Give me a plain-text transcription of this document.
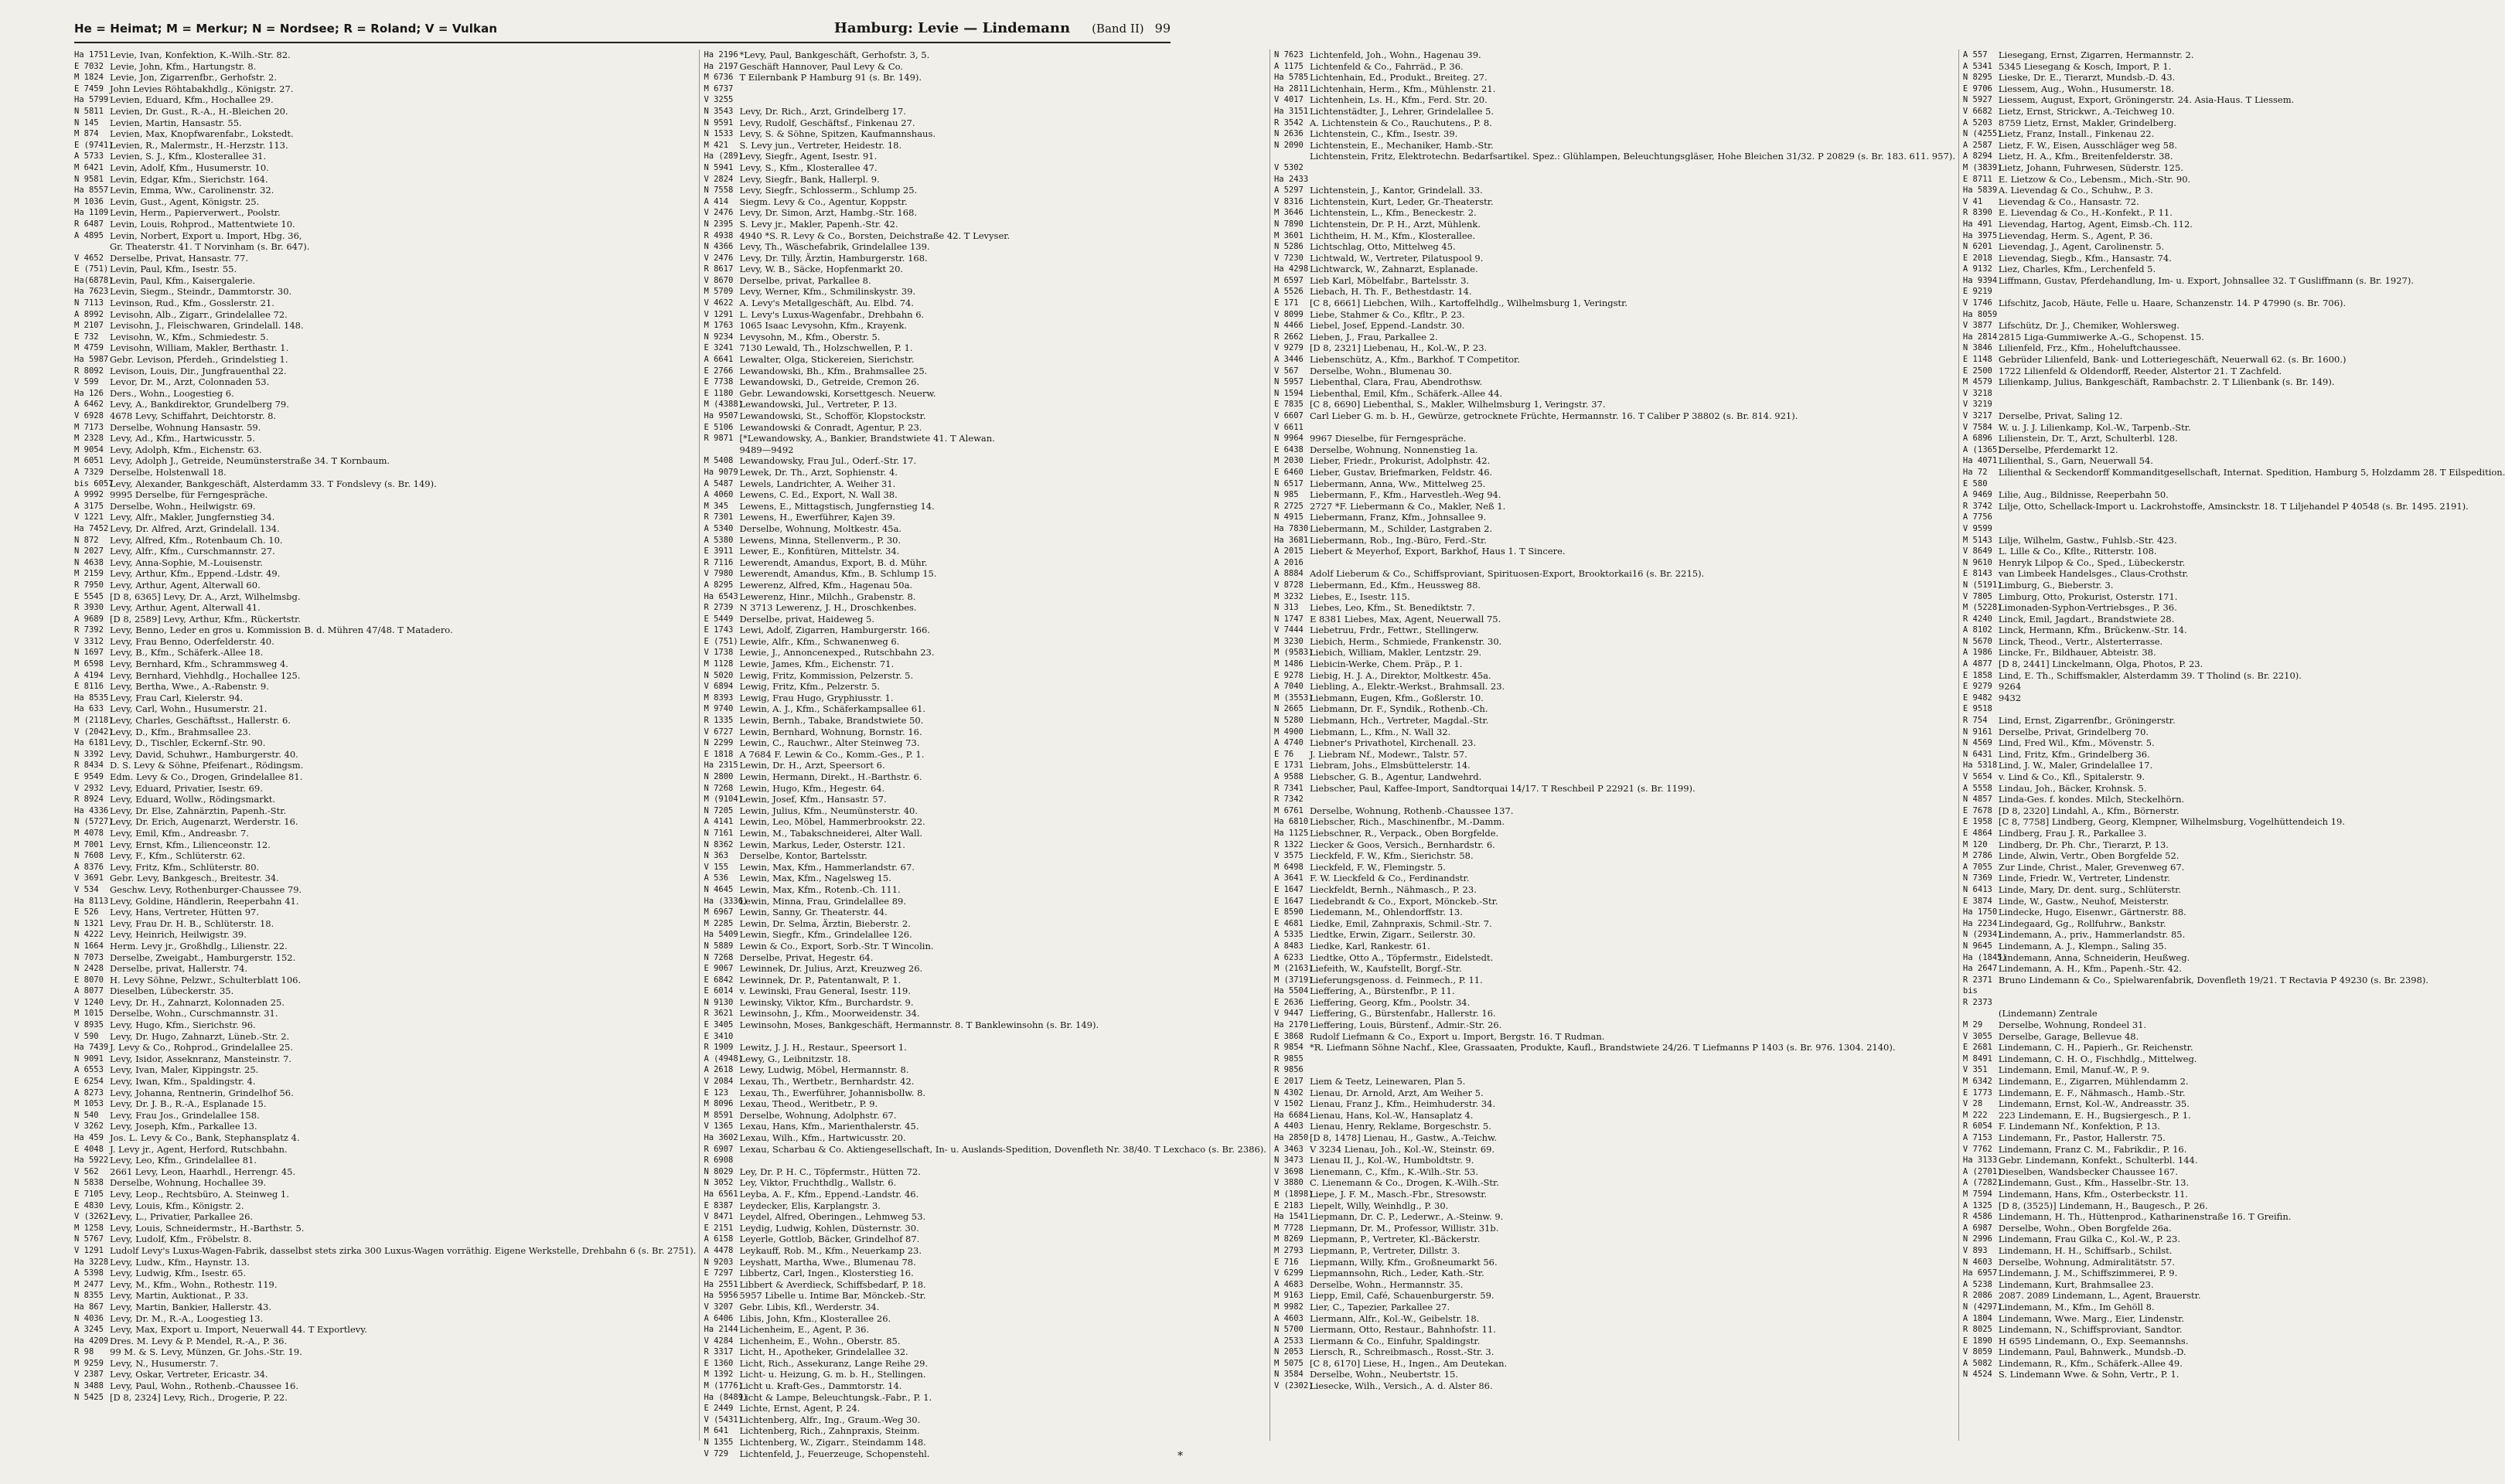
He = Heimat; M = Merkur; N = Nordsee; R = Roland; V = Vulkan	Hamburg: Levie — Lindemann (Band II) 99
Ha 1751 Levie, Ivan, Konfektion, K.-Wilh.-Str. 82.
E 7032 Levie, John, Kfm., Hartungstr. 8.
M 1824 Levie, Jon, Zigarrenfbr., Gerhofstr. 2.
E 7459 John Levies Röhtabakhdlg., Königstr. 27.
Ha 5799 Levien, Eduard, Kfm., Hochallee 29.
N 5811 Levien, Dr. Gust., R.-A., H.-Bleichen 20.
N 145	Levien, Martin, Hansastr. 55.
M 874	Levien, Max, Knopfwarenfabr., Lokstedt.
E (9741)
Levien, R., Malermstr., H.-Herzstr. 113.
A 5733 Levien, S. J., Kfm., Klosterallee 31.
M 6421 Levin, Adolf, Kfm., Husumerstr. 10.
N 9581 Levin, Edgar, Kfm., Sierichstr. 164.
Ha 8557 Levin, Emma, Ww., Carolinenstr. 32.
M 1036 Levin, Gust., Agent, Königstr. 25.
Ha 1109 Levin, Herm., Papierverwert., Poolstr.
R 6487 Levin, Louis, Rohprod., Mattentwiete 10.
A 4895 Levin, Norbert, Export u. Import, Hbg. 36,
Gr. Theaterstr. 41. T Norvinham (s. Br. 647).
V 4652 Derselbe, Privat, Hansastr. 77.
E (751) Levin, Paul, Kfm., Isestr. 55.
Ha(6878)
Levin, Paul, Kfm., Kaisergalerie.
Ha 7623 Levin, Siegm., Steindr., Dammtorstr. 30.
N 7113 Levinson, Rud., Kfm., Gosslerstr. 21.
A 8992 Levisohn, Alb., Zigarr., Grindelallee 72.
M 2107 Levisohn, J., Fleischwaren, Grindelall. 148.
E 732	Levisohn, W., Kfm., Schmiedestr. 5.
M 4759 Levisohn, William, Makler, Berthastr. 1.
Ha 5987 Gebr. Levison, Pferdeh., Grindelstieg 1.
R 8092 Levison, Louis, Dir., Jungfrauenthal 22.
V 599	Levor, Dr. M., Arzt, Colonnaden 53.
Ha 126 Ders., Wohn., Loogestieg 6.
A 6462 Levy, A., Bankdirektor, Grundelberg 79.
V 6928 4678 Levy, Schiffahrt, Deichtorstr. 8.
M 7173 Derselbe, Wohnung Hansastr. 59.
M 2328 Levy, Ad., Kfm., Hartwicusstr. 5.
M 9054 Levy, Adolph, Kfm., Eichenstr. 63.
M 6051 Levy, Adolph J., Getreide, Neumünsterstraße 34. T Kornbaum.
A 7329 Derselbe, Holstenwall 18.
bis 6057
Levy, Alexander, Bankgeschäft, Alsterdamm 33. T Fondslevy (s. Br. 149).
A 9992 9995 Derselbe, für Ferngespräche.
A 3175 Derselbe, Wohn., Heilwigstr. 69.
V 1221 Levy, Alfr., Makler, Jungfernstieg 34.
Ha 7452 Levy, Dr. Alfred, Arzt, Grindelall. 134.
N 872	Levy, Alfred, Kfm., Rotenbaum Ch. 10.
N 2027 Levy, Alfr., Kfm., Curschmannstr. 27.
N 4638 Levy, Anna-Sophie, M.-Louisenstr.
M 2159 Levy, Arthur, Kfm., Eppend.-Ldstr. 49.
R 7950 Levy, Arthur, Agent, Alterwall 60.
E 5545 [D 8, 6365] Levy, Dr. A., Arzt, Wilhelmsbg.
R 3930 Levy, Arthur, Agent, Alterwall 41.
A 9689 [D 8, 2589] Levy, Arthur, Kfm., Rückertstr.
R 7392 Levy, Benno, Leder en gros u. Kommission B. d. Mühren 47/48. T Matadero.
V 3312 Levy, Frau Benno, Oderfelderstr. 40.
N 1697 Levy, B., Kfm., Schäferk.-Allee 18.
M 6598 Levy, Bernhard, Kfm., Schrammsweg 4.
A 4194 Levy, Bernhard, Viehhdlg., Hochallee 125.
E 8116 Levy, Bertha, Wwe., A.-Rabenstr. 9.
Ha 8535 Levy, Frau Carl, Kielerstr. 94.
Ha 633 Levy, Carl, Wohn., Husumerstr. 21.
M (2118)
Levy, Charles, Geschäftsst., Hallerstr. 6.
V (2042)
Levy, D., Kfm., Brahmsallee 23.
Ha 6181 Levy, D., Tischler, Eckernf.-Str. 90.
N 3392 Levy, David, Schuhwr., Hamburgerstr. 40.
R 8434 D. S. Levy & Söhne, Pfeifenart., Rödingsm.
E 9549 Edm. Levy & Co., Drogen, Grindelallee 81.
V 2932 Levy, Eduard, Privatier, Isestr. 69.
R 8924 Levy, Eduard, Wollw., Rödingsmarkt.
Ha 4336 Levy, Dr. Else, Zahnärztin, Papenh.-Str.
N (5727)
Levy, Dr. Erich, Augenarzt, Werderstr. 16.
M 4078 Levy, Emil, Kfm., Andreasbr. 7.
M 7001 Levy, Ernst, Kfm., Lilienceonstr. 12.
N 7608 Levy, F., Kfm., Schlüterstr. 62.
A 8376 Levy, Fritz, Kfm., Schlüterstr. 80.
V 3691 Gebr. Levy, Bankgesch., Breitestr. 34.
V 534	Geschw. Levy, Rothenburger-Chaussee 79.
Ha 8113 Levy, Goldine, Händlerin, Reeperbahn 41.
E 526	Levy, Hans, Vertreter, Hütten 97.
N 1321 Levy, Frau Dr. H. B., Schlüterstr. 18.
N 4222 Levy, Heinrich, Heilwigstr. 39.
N 1664 Herm. Levy jr., Großhdlg., Lilienstr. 22.
N 7073 Derselbe, Zweigabt., Hamburgerstr. 152.
N 2428 Derselbe, privat, Hallerstr. 74.
E 8070 H. Levy Söhne, Pelzwr., Schulterblatt 106.
A 8077 Dieselben, Lübeckerstr. 35.
V 1240 Levy, Dr. H., Zahnarzt, Kolonnaden 25.
M 1015 Derselbe, Wohn., Curschmannstr. 31.
V 8935 Levy, Hugo, Kfm., Sierichstr. 96.
V 590	Levy, Dr. Hugo, Zahnarzt, Lüneb.-Str. 2.
Ha 7439 J. Levy & Co., Rohprod., Grindelallee 25.
N 9091 Levy, Isidor, Asseknranz, Mansteinstr. 7.
A 6553 Levy, Ivan, Maler, Kippingstr. 25.
E 6254 Levy, Iwan, Kfm., Spaldingstr. 4.
A 8273 Levy, Johanna, Rentnerin, Grindelhof 56.
M 1053 Levy, Dr. J. B., R.-A., Esplanade 15.
N 540	Levy, Frau Jos., Grindelallee 158.
V 3262 Levy, Joseph, Kfm., Parkallee 13.
Ha 459 Jos. L. Levy & Co., Bank, Stephansplatz 4.
E 4048 J. Levy jr., Agent, Herford, Rutschbahn.
Ha 5922 Levy, Leo, Kfm., Grindelallee 81.
V 562	2661 Levy, Leon, Haarhdl., Herrengr. 45.
N 5838 Derselbe, Wohnung, Hochallee 39.
E 7105 Levy, Leop., Rechtsbüro, A. Steinweg 1.
E 4830 Levy, Louis, Kfm., Königstr. 2.
V (3262)
Levy, L., Privatier, Parkallee 26.
M 1258 Levy, Louis, Schneidermstr., H.-Barthstr. 5.
N 5767 Levy, Ludolf, Kfm., Fröbelstr. 8.
V 1291 Ludolf Levy's Luxus-Wagen-Fabrik, dasselbst stets zirka 300 Luxus-Wagen vorräthig. Eigene Werkstelle, Drehbahn 6 (s. Br. 2751).
Ha 3228 Levy, Ludw., Kfm., Haynstr. 13.
A 5398 Levy, Ludwig, Kfm., Isestr. 65.
M 2477 Levy, M., Kfm., Wohn., Rothestr. 119.
N 8355 Levy, Martin, Auktionat., P. 33.
Ha 867 Levy, Martin, Bankier, Hallerstr. 43.
N 4036 Levy, Dr. M., R.-A., Loogestieg 13.
A 3245 Levy, Max, Export u. Import, Neuerwall 44. T Exportlevy.
Ha 4209 Dres. M. Levy & P. Mendel, R.-A., P. 36.
R 98	99 M. & S. Levy, Münzen, Gr. Johs.-Str. 19.
M 9259 Levy, N., Husumerstr. 7.
V 2387 Levy, Oskar, Vertreter, Ericastr. 34.
N 3488 Levy, Paul, Wohn., Rothenb.-Chaussee 16.
N 5425 [D 8, 2324] Levy, Rich., Drogerie, P. 22.
Ha 2196 *Levy, Paul, Bankgeschäft, Gerhofstr. 3, 5.
Ha 2197 Geschäft Hannover, Paul Levy & Co.
M 6736 T Eilernbank P Hamburg 91 (s. Br. 149).
M 6737
V 3255
N 3543 Levy, Dr. Rich., Arzt, Grindelberg 17.
N 9591 Levy, Rudolf, Geschäftsf., Finkenau 27.
N 1533 Levy, S. & Söhne, Spitzen, Kaufmannshaus.
M 421	S. Levy jun., Vertreter, Heidestr. 18.
Ha (289)
Levy, Siegfr., Agent, Isestr. 91.
N 5941 Levy, S., Kfm., Klosterallee 47.
V 2824 Levy, Siegfr., Bank, Hallerpl. 9.
N 7558 Levy, Siegfr., Schlosserm., Schlump 25.
A 414	Siegm. Levy & Co., Agentur, Koppstr.
V 2476 Levy, Dr. Simon, Arzt, Hambg.-Str. 168.
N 2395 S. Levy jr., Makler, Papenh.-Str. 42.
R 4938 4940 *S. R. Levy & Co., Borsten, Deichstraße 42. T Levyser.
N 4366 Levy, Th., Wäschefabrik, Grindelallee 139.
V 2476 Levy, Dr. Tilly, Ärztin, Hamburgerstr. 168.
R 8617 Levy, W. B., Säcke, Hopfenmarkt 20.
V 8670 Derselbe, privat, Parkallee 8.
M 5709 Levy, Werner, Kfm., Schmilinskystr. 39.
V 4622 A. Levy's Metallgeschäft, Au. Elbd. 74.
V 1291 L. Levy's Luxus-Wagenfabr., Drehbahn 6.
M 1763 1065 Isaac Levysohn, Kfm., Krayenk.
N 9234 Levysohn, M., Kfm., Oberstr. 5.
E 3241 7130 Lewald, Th., Holzschwellen, P. 1.
A 6641 Lewalter, Olga, Stickereien, Sierichstr.
E 2766 Lewandowski, Bh., Kfm., Brahmsallee 25.
E 7738 Lewandowski, D., Getreide, Cremon 26.
E 1180 Gebr. Lewandowski, Korsettgesch. Neuerw.
M (4388)
Lewandowski, Jul., Vertreter, P. 13.
Ha 9507 Lewandowski, St., Schofför, Klopstockstr.
E 5106 Lewandowski & Conradt, Agentur, P. 23.
R 9871 [*Lewandowsky, A., Bankier, Brandstwiete 41. T Alewan.
9489—9492
M 5408 Lewandowsky, Frau Jul., Oderf.-Str. 17.
Ha 9079 Lewek, Dr. Th., Arzt, Sophienstr. 4.
A 5487 Lewels, Landrichter, A. Weiher 31.
A 4060 Lewens, C. Ed., Export, N. Wall 38.
M 345	Lewens, E., Mittagstisch, Jungfernstieg 14.
R 7301 Lewens, H., Ewerführer, Kajen 39.
A 5340 Derselbe, Wohnung, Moltkestr. 45a.
A 5380 Lewens, Minna, Stellenverm., P. 30.
E 3911 Lewer, E., Konfitüren, Mittelstr. 34.
R 7116 Lewerendt, Amandus, Export, B. d. Mühr.
V 7980 Lewerendt, Amandus, Kfm., B. Schlump 15.
A 8295 Lewerenz, Alfred, Kfm., Hagenau 50a.
Ha 6543 Lewerenz, Hinr., Milchh., Grabenstr. 8.
R 2739 N 3713 Lewerenz, J. H., Droschkenbes.
E 5449 Derselbe, privat, Haideweg 5.
E 1743 Lewi, Adolf, Zigarren, Hamburgerstr. 166.
E (751) Lewie, Alfr., Kfm., Schwanenweg 6.
V 1738 Lewie, J., Annoncenexped., Rutschbahn 23.
M 1128 Lewie, James, Kfm., Eichenstr. 71.
N 5020 Lewig, Fritz, Kommission, Pelzerstr. 5.
V 6894 Lewig, Fritz, Kfm., Pelzerstr. 5.
M 8393 Lewig, Frau Hugo, Gryphiusstr. 1.
M 9740 Lewin, A. J., Kfm., Schäferkampsallee 61.
R 1335 Lewin, Bernh., Tabake, Brandstwiete 50.
V 6727 Lewin, Bernhard, Wohnung, Bornstr. 16.
N 2299 Lewin, C., Rauchwr., Alter Steinweg 73.
E 1818 A 7684 F. Lewin & Co., Komm.-Ges., P. 1.
Ha 2315 Lewin, Dr. H., Arzt, Speersort 6.
N 2800 Lewin, Hermann, Direkt., H.-Barthstr. 6.
N 7268 Lewin, Hugo, Kfm., Hegestr. 64.
M (9104)
Lewin, Josef, Kfm., Hansastr. 57.
N 7205 Lewin, Julius, Kfm., Neumünsterstr. 40.
A 4141 Lewin, Leo, Möbel, Hammerbrookstr. 22.
N 7161 Lewin, M., Tabakschneiderei, Alter Wall.
N 8362 Lewin, Markus, Leder, Osterstr. 121.
N 363	Derselbe, Kontor, Bartelsstr.
V 155	Lewin, Max, Kfm., Hammerlandstr. 67.
A 536	Lewin, Max, Kfm., Nagelsweg 15.
N 4645 Lewin, Max, Kfm., Rotenb.-Ch. 111.
Ha (3336)
Lewin, Minna, Frau, Grindelallee 89.
M 6967 Lewin, Sanny, Gr. Theaterstr. 44.
M 2285 Lewin, Dr. Selma, Ärztin, Bieberstr. 2.
Ha 5409 Lewin, Siegfr., Kfm., Grindelallee 126.
N 5889 Lewin & Co., Export, Sorb.-Str. T Wincolin.
N 7268 Derselbe, Privat, Hegestr. 64.
E 9067 Lewinnek, Dr. Julius, Arzt, Kreuzweg 26.
E 6842 Lewinnek, Dr. P., Patentanwalt, P. 1.
E 6014 v. Lewinski, Frau General, Isestr. 119.
N 9130 Lewinsky, Viktor, Kfm., Burchardstr. 9.
R 3621 Lewinsohn, J., Kfm., Moorweidenstr. 34.
E 3405 Lewinsohn, Moses, Bankgeschäft, Hermannstr. 8. T Banklewinsohn (s. Br. 149).
E 3410
R 1909 Lewitz, J. J. H., Restaur., Speersort 1.
A (4948)
Lewy, G., Leibnitzstr. 18.
A 2618 Lewy, Ludwig, Möbel, Hermannstr. 8.
V 2084 Lexau, Th., Wertbetr., Bernhardstr. 42.
E 123	Lexau, Th., Ewerführer, Johannisbollw. 8.
M 8096 Lexau, Theod., Weritbetr., P. 9.
M 8591 Derselbe, Wohnung, Adolphstr. 67.
V 1365 Lexau, Hans, Kfm., Marienthalerstr. 45.
Ha 3602 Lexau, Wilh., Kfm., Hartwicusstr. 20.
R 6907 Lexau, Scharbau & Co. Aktiengesellschaft, In- u. Auslands-Spedition, Dovenfleth Nr. 38/40. T Lexchaco (s. Br. 2386).
R 6908
N 8029 Ley, Dr. P. H. C., Töpfermstr., Hütten 72.
N 3052 Ley, Viktor, Fruchthdlg., Wallstr. 6.
Ha 6561 Leyba, A. F., Kfm., Eppend.-Landstr. 46.
E 8387 Leydecker, Elis, Karplangstr. 3.
V 8471 Leydel, Alfred, Oberingen., Lehmweg 53.
E 2151 Leydig, Ludwig, Kohlen, Düsternstr. 30.
A 6158 Leyerle, Gottlob, Bäcker, Grindelhof 87.
A 4478 Leykauff, Rob. M., Kfm., Neuerkamp 23.
N 9203 Leyshatt, Martha, Wwe., Blumenau 78.
E 7297 Libbertz, Carl, Ingen., Klosterstieg 16.
Ha 2551 Libbert & Averdieck, Schiffsbedarf, P. 18.
Ha 5956 5957 Libelle u. Intime Bar, Mönckeb.-Str.
V 3207 Gebr. Libis, Kfl., Werderstr. 34.
A 6406 Libis, John, Kfm., Klosterallee 26.
Ha 2144 Lichenheim, E., Agent, P. 36.
V 4284 Lichenheim, E., Wohn., Oberstr. 85.
R 3317 Licht, H., Apotheker, Grindelallee 32.
E 1360 Licht, Rich., Assekuranz, Lange Reihe 29.
M 1392 Licht- u. Heizung, G. m. b. H., Stellingen.
M (1776)
Licht u. Kraft-Ges., Dammtorstr. 14.
Ha (8489)
Licht & Lampe, Beleuchtungsk.-Fabr., P. 1.
E 2449 Lichte, Ernst, Agent, P. 24.
V (5431)
Lichtenberg, Alfr., Ing., Graum.-Weg 30.
M 641	Lichtenberg, Rich., Zahnpraxis, Steinm.
N 1355 Lichtenberg, W., Zigarr., Steindamm 148.
V 729	Lichtenfeld, J., Feuerzeuge, Schopenstehl.
N 7623 Lichtenfeld, Joh., Wohn., Hagenau 39.
A 1175 Lichtenfeld & Co., Fahrräd., P. 36.
Ha 5785 Lichtenhain, Ed., Produkt., Breiteg. 27.
Ha 2811 Lichtenhain, Herm., Kfm., Mühlenstr. 21.
V 4017 Lichtenhein, Ls. H., Kfm., Ferd. Str. 20.
Ha 3151 Lichtenstädter, J., Lehrer, Grindelallee 5.
R 3542 A. Lichtenstein & Co., Rauchutens., P. 8.
N 2636 Lichtenstein, C., Kfm., Isestr. 39.
N 2090 Lichtenstein, E., Mechaniker, Hamb.-Str.
Lichtenstein, Fritz, Elektrotechn. Bedarfsartikel. Spez.: Glühlampen, Beleuchtungsgläser, Hohe Bleichen 31/32. P 20829 (s. Br. 183. 611. 957).
V 5302
Ha 2433
A 5297 Lichtenstein, J., Kantor, Grindelall. 33.
V 8316 Lichtenstein, Kurt, Leder, Gr.-Theaterstr.
M 3646 Lichtenstein, L., Kfm., Beneckestr. 2.
N 7890 Lichtenstein, Dr. P. H., Arzt, Mühlenk.
M 3601 Lichtheim, H. M., Kfm., Klosterallee.
N 5286 Lichtschlag, Otto, Mittelweg 45.
V 7230 Lichtwald, W., Vertreter, Pilatuspool 9.
Ha 4298 Lichtwarck, W., Zahnarzt, Esplanade.
M 6597 Lieb Karl, Möbelfabr., Bartelsstr. 3.
A 5526 Liebach, H. Th. F., Bethestdastr. 14.
E 171	[C 8, 6661] Liebchen, Wilh., Kartoffelhdlg., Wilhelmsburg 1, Veringstr.
V 8099 Liebe, Stahmer & Co., Kfltr., P. 23.
N 4466 Liebel, Josef, Eppend.-Landstr. 30.
R 2662 Lieben, J., Frau, Parkallee 2.
V 9279 [D 8, 2321] Liebenau, H., Kol.-W., P. 23.
A 3446 Liebenschütz, A., Kfm., Barkhof. T Competitor.
V 567	Derselbe, Wohn., Blumenau 30.
N 5957 Liebenthal, Clara, Frau, Abendrothsw.
N 1594 Liebenthal, Emil, Kfm., Schäferk.-Allee 44.
E 7835 [C 8, 6690] Liebenthal, S., Makler, Wilhelmsburg 1, Veringstr. 37.
V 6607 Carl Lieber G. m. b. H., Gewürze, getrocknete Früchte, Hermannstr. 16. T Caliber P 38802 (s. Br. 814. 921).
V 6611
N 9964 9967 Dieselbe, für Ferngespräche.
E 6438 Derselbe, Wohnung, Nonnenstieg 1a.
M 2030 Lieber, Friedr., Prokurist, Adolphstr. 42.
E 6460 Lieber, Gustav, Briefmarken, Feldstr. 46.
N 6517 Liebermann, Anna, Ww., Mittelweg 25.
N 985	Liebermann, F., Kfm., Harvestleh.-Weg 94.
R 2725 2727 *F. Liebermann & Co., Makler, Neß 1.
N 4915 Liebermann, Franz, Kfm., Johnsallee 9.
Ha 7830 Liebermann, M., Schilder, Lastgraben 2.
Ha 3681 Liebermann, Rob., Ing.-Büro, Ferd.-Str.
A 2015 Liebert & Meyerhof, Export, Barkhof, Haus 1. T Sincere.
A 2016
A 8884 Adolf Lieberum & Co., Schiffsproviant, Spirituosen-Export, Brooktorkai16 (s. Br. 2215).
V 8728 Liebermann, Ed., Kfm., Heussweg 88.
M 3232 Liebes, E., Isestr. 115.
N 313	Liebes, Leo, Kfm., St. Benediktstr. 7.
N 1747 E 8381 Liebes, Max, Agent, Neuerwall 75.
V 7444 Liebetruu, Frdr., Fettwr., Stellingerw.
M 3230 Liebich, Herm., Schmiede, Frankenstr. 30.
M (9583)
Liebich, William, Makler, Lentzstr. 29.
M 1486 Liebicin-Werke, Chem. Präp., P. 1.
E 9278 Liebig, H. J. A., Direktor, Moltkestr. 45a.
A 7040 Liebling, A., Elektr.-Werkst., Brahmsall. 23.
M (3553)
Liebmann, Eugen, Kfm., Goßlerstr. 10.
N 2665 Liebmann, Dr. F., Syndik., Rothenb.-Ch.
N 5280 Liebmann, Hch., Vertreter, Magdal.-Str.
M 4900 Liebmann, L., Kfm., N. Wall 32.
A 4740 Liebner's Privathotel, Kirchenall. 23.
E 76	J. Liebram Nf., Modewr., Talstr. 57.
E 1731 Liebram, Johs., Elmsbüttelerstr. 14.
A 9588 Liebscher, G. B., Agentur, Landwehrd.
R 7341 Liebscher, Paul, Kaffee-Import, Sandtorquai 14/17. T Reschbeil P 22921 (s. Br. 1199).
R 7342
M 6761 Derselbe, Wohnung, Rothenb.-Chaussee 137.
Ha 6810 Liebscher, Rich., Maschinenfbr., M.-Damm.
Ha 1125 Liebschner, R., Verpack., Oben Borgfelde.
R 1322 Liecker & Goos, Versich., Bernhardstr. 6.
V 3575 Lieckfeld, F. W., Kfm., Sierichstr. 58.
M 6498 Lieckfeld, F. W., Flemingstr. 5.
A 3641 F. W. Lieckfeld & Co., Ferdinandstr.
E 1647 Lieckfeldt, Bernh., Nähmasch., P. 23.
E 1647 Liedebrandt & Co., Export, Mönckeb.-Str.
E 8590 Liedemann, M., Ohlendorffstr. 13.
E 4681 Liedke, Emil, Zahnpraxis, Schmil.-Str. 7.
A 5335 Liedtke, Erwin, Zigarr., Seilerstr. 30.
A 8483 Liedke, Karl, Rankestr. 61.
A 6233 Liedtke, Otto A., Töpfermstr., Eidelstedt.
M (2163)
Liefeith, W., Kaufstellt, Borgf.-Str.
M (3719)
Lieferungsgenoss. d. Feinmech., P. 11.
Ha 5504 Lieffering, A., Bürstenfbr., P. 11.
E 2636 Lieffering, Georg, Kfm., Poolstr. 34.
V 9447 Lieffering, G., Bürstenfabr., Hallerstr. 16.
Ha 2170 Lieffering, Louis, Bürstenf., Admir.-Str. 26.
E 3868 Rudolf Liefmann & Co., Export u. Import, Bergstr. 16. T Rudman.
R 9854 *R. Liefmann Söhne Nachf., Klee, Grassaaten, Produkte, Kaufl., Brandstwiete 24/26. T Liefmanns P 1403 (s. Br. 976. 1304. 2140).
R 9855
R 9856
E 2017 Liem & Teetz, Leinewaren, Plan 5.
N 4302 Lienau, Dr. Arnold, Arzt, Am Weiher 5.
V 1502 Lienau, Franz J., Kfm., Heimhuderstr. 34.
Ha 6684 Lienau, Hans, Kol.-W., Hansaplatz 4.
A 4403 Lienau, Henry, Reklame, Borgeschstr. 5.
Ha 2850 [D 8, 1478] Lienau, H., Gastw., A.-Teichw.
A 3463 V 3234 Lienau, Joh., Kol.-W., Steinstr. 69.
N 3473 Lienau II, J., Kol.-W., Humboldtstr. 9.
V 3698 Lienemann, C., Kfm., K.-Wilh.-Str. 53.
V 3880 C. Lienemann & Co., Drogen, K.-Wilh.-Str.
M (1898)
Liepe, J. F. M., Masch.-Fbr., Stresowstr.
E 2183 Liepelt, Willy, Weinhdlg., P. 30.
Ha 1541 Liepmann, Dr. C. P., Lederwr., A.-Steinw. 9.
M 7728 Liepmann, Dr. M., Professor, Willistr. 31b.
M 8269 Liepmann, P., Vertreter, Kl.-Bäckerstr.
M 2793 Liepmann, P., Vertreter, Dillstr. 3.
E 716	Liepmann, Willy, Kfm., Großneumarkt 56.
V 6299 Liepmannsohn, Rich., Leder, Kath.-Str.
A 4683 Derselbe, Wohn., Hermannstr. 35.
M 9163 Liepp, Emil, Café, Schauenburgerstr. 59.
M 9982 Lier, C., Tapezier, Parkallee 27.
A 4603 Liermann, Alfr., Kol.-W., Geibelstr. 18.
N 5700 Liermann, Otto, Restaur., Bahnhofstr. 11.
A 2533 Liermann & Co., Einfuhr, Spaldingstr.
N 2053 Liersch, R., Schreibmasch., Rosst.-Str. 3.
M 5075 [C 8, 6170] Liese, H., Ingen., Am Deutekan.
N 3584 Derselbe, Wohn., Neubertstr. 15.
V (2302)
Liesecke, Wilh., Versich., A. d. Alster 86.
A 557	Liesegang, Ernst, Zigarren, Hermannstr. 2.
A 5341 5345 Liesegang & Kosch, Import, P. 1.
N 8295 Lieske, Dr. E., Tierarzt, Mundsb.-D. 43.
E 9706 Liessem, Aug., Wohn., Husumerstr. 18.
N 5927 Liessem, August, Export, Gröningerstr. 24. Asia-Haus. T Liessem.
V 6682 Lietz, Ernst, Strickwr., A.-Teichweg 10.
A 5203 8759 Lietz, Ernst, Makler, Grindelberg.
N (4255)
Lietz, Franz, Install., Finkenau 22.
A 2587 Lietz, F. W., Eisen, Ausschläger weg 58.
A 8294 Lietz, H. A., Kfm., Breitenfelderstr. 38.
M (3839)
Lietz, Johann, Fuhrwesen, Süderstr. 125.
E 8711 E. Lietzow & Co., Lebensm., Mich.-Str. 90.
Ha 5839 A. Lievendag & Co., Schuhw., P. 3.
V 41	Lievendag & Co., Hansastr. 72.
R 8390 E. Lievendag & Co., H.-Konfekt., P. 11.
Ha 491 Lievendag, Hartog, Agent, Eimsb.-Ch. 112.
Ha 3975 Lievendag, Herm. S., Agent, P. 36.
N 6201 Lievendag, J., Agent, Carolinenstr. 5.
E 2018 Lievendag, Siegb., Kfm., Hansastr. 74.
A 9132 Liez, Charles, Kfm., Lerchenfeld 5.
Ha 9394 Liffmann, Gustav, Pferdehandlung, Im- u. Export, Johnsallee 32. T Gusliffmann (s. Br. 1927).
E 9219
V 1746 Lifschitz, Jacob, Häute, Felle u. Haare, Schanzenstr. 14. P 47990 (s. Br. 706).
Ha 8059
V 3877 Lifschütz, Dr. J., Chemiker, Wohlersweg.
Ha 2814 2815 Liga-Gummiwerke A.-G., Schopenst. 15.
N 3846 Lilienfeld, Frz., Kfm., Hoheluftchaussee.
E 1148 Gebrüder Lilienfeld, Bank- und Lotteriegeschäft, Neuerwall 62. (s. Br. 1600.)
E 2500 1722 Lilienfeld & Oldendorff, Reeder, Alstertor 21. T Zachfeld.
M 4579 Lilienkamp, Julius, Bankgeschäft, Rambachstr. 2. T Lilienbank (s. Br. 149).
V 3218
V 3219
V 3217 Derselbe, Privat, Saling 12.
V 7584 W. u. J. J. Lilienkamp, Kol.-W., Tarpenb.-Str.
A 6896 Lilienstein, Dr. T., Arzt, Schulterbl. 128.
A (1365)
Derselbe, Pferdemarkt 12.
Ha 4071 Lilienthal, S., Garn, Neuerwall 54.
Ha 72	Lilienthal & Seckendorff Kommanditgesellschaft, Internat. Spedition, Hamburg 5, Holzdamm 28. T Eilspedition.
E 580
A 9469 Lilie, Aug., Bildnisse, Reeperbahn 50.
R 3742 Lilje, Otto, Schellack-Import u. Lackrohstoffe, Amsinckstr. 18. T Liljehandel P 40548 (s. Br. 1495. 2191).
A 7756
V 9599
M 5143 Lilje, Wilhelm, Gastw., Fuhlsb.-Str. 423.
V 8649 L. Lille & Co., Kflte., Ritterstr. 108.
N 9610 Henryk Lilpop & Co., Sped., Lübeckerstr.
E 8143 van Limbeek Handelsges., Claus-Crothstr.
N (5191)
Limburg, G., Bieberstr. 3.
V 7805 Limburg, Otto, Prokurist, Osterstr. 171.
M (5228)
Limonaden-Syphon-Vertriebsges., P. 36.
R 4240 Linck, Emil, Jagdart., Brandstwiete 28.
A 8102 Linck, Hermann, Kfm., Brückenw.-Str. 14.
N 5670 Linck, Theod., Vertr., Alsterterrasse.
A 1986 Lincke, Fr., Bildhauer, Abteistr. 38.
A 4877 [D 8, 2441] Linckelmann, Olga, Photos, P. 23.
E 1858 Lind, E. Th., Schiffsmakler, Alsterdamm 39. T Tholind (s. Br. 2210).
E 9279 9264
E 9482 9432
E 9518
R 754	Lind, Ernst, Zigarrenfbr., Gröningerstr.
N 9161 Derselbe, Privat, Grindelberg 70.
N 4569 Lind, Fred Wil., Kfm., Mövenstr. 5.
N 6431 Lind, Fritz, Kfm., Grindelberg 36.
Ha 5318 Lind, J. W., Maler, Grindelallee 17.
V 5654 v. Lind & Co., Kfl., Spitalerstr. 9.
A 5558 Lindau, Joh., Bäcker, Krohnsk. 5.
N 4857 Linda-Ges. f. kondes. Milch, Steckelhörn.
E 7678 [D 8, 2320] Lindahl, A., Kfm., Börnerstr.
E 1958 [C 8, 7758] Lindberg, Georg, Klempner, Wilhelmsburg, Vogelhüttendeich 19.
E 4864 Lindberg, Frau J. R., Parkallee 3.
M 120	Lindberg, Dr. Ph. Chr., Tierarzt, P. 13.
M 2786 Linde, Alwin, Vertr., Oben Borgfelde 52.
A 7055 Zur Linde, Christ., Maler, Grevenweg 67.
N 7369 Linde, Friedr. W., Vertreter, Lindenstr.
N 6413 Linde, Mary, Dr. dent. surg., Schlüterstr.
E 3874 Linde, W., Gastw., Neuhof, Meisterstr.
Ha 1750 Lindecke, Hugo, Eisenwr., Gärtnerstr. 88.
Ha 2234 Lindegaard, Gg., Rollfuhrw., Bankstr.
N (2934)
Lindemann, A., priv., Hammerlandstr. 85.
N 9645 Lindemann, A. J., Klempn., Saling 35.
Ha (1845)
Lindemann, Anna, Schneiderin, Heußweg.
Ha 2647 Lindemann, A. H., Kfm., Papenh.-Str. 42.
R 2371 Bruno Lindemann & Co., Spielwarenfabrik, Dovenfleth 19/21. T Rectavia P 49230 (s. Br. 2398).
bis
R 2373
(Lindemann) Zentrale
M 29	Derselbe, Wohnung, Rondeel 31.
V 3055 Derselbe, Garage, Bellevue 48.
E 2681 Lindemann, C. H., Papierh., Gr. Reichenstr.
M 8491 Lindemann, C. H. O., Fischhdlg., Mittelweg.
V 351	Lindemann, Emil, Manuf.-W., P. 9.
M 6342 Lindemann, E., Zigarren, Mühlendamm 2.
E 1773 Lindemann, E. F., Nähmasch., Hamb.-Str.
V 28	Lindemann, Ernst, Kol.-W., Andreasstr. 35.
M 222	223 Lindemann, E. H., Bugsiergesch., P. 1.
R 6054 F. Lindemann Nf., Konfektion, P. 13.
A 7153 Lindemann, Fr., Pastor, Hallerstr. 75.
V 7762 Lindemann, Franz C. M., Fabrikdir., P. 16.
Ha 3133 Gebr. Lindemann, Konfekt., Schulterbl. 144.
A (2701)
Dieselben, Wandsbecker Chaussee 167.
A (7282)
Lindemann, Gust., Kfm., Hasselbr.-Str. 13.
M 7594 Lindemann, Hans, Kfm., Osterbeckstr. 11.
A 1325 [D 8, (3525)] Lindemann, H., Baugesch., P. 26.
R 4586 Lindemann, H. Th., Hüttenprod., Katharinenstraße 16. T Greifin.
A 6987 Derselbe, Wohn., Oben Borgfelde 26a.
N 2996 Lindemann, Frau Gilka C., Kol.-W., P. 23.
V 893	Lindemann, H. H., Schiffsarb., Schilst.
N 4603 Derselbe, Wohnung, Admiralitätstr. 57.
Ha 6957 Lindemann, J. M., Schiffszimmerei, P. 9.
A 5238 Lindemann, Kurt, Brahmsallee 23.
R 2086 2087. 2089 Lindemann, L., Agent, Brauerstr.
N (4297)
Lindemann, M., Kfm., Im Gehöll 8.
A 1804 Lindemann, Wwe. Marg., Eier, Lindenstr.
R 8025 Lindemann, N., Schiffsproviant, Sandtor.
E 1890 H 6595 Lindemann, O., Exp. Seemannshs.
V 8059 Lindemann, Paul, Bahnwerk., Mundsb.-D.
A 5082 Lindemann, R., Kfm., Schäferk.-Allee 49.
N 4524 S. Lindemann Wwe. & Sohn, Vertr., P. 1.
*
